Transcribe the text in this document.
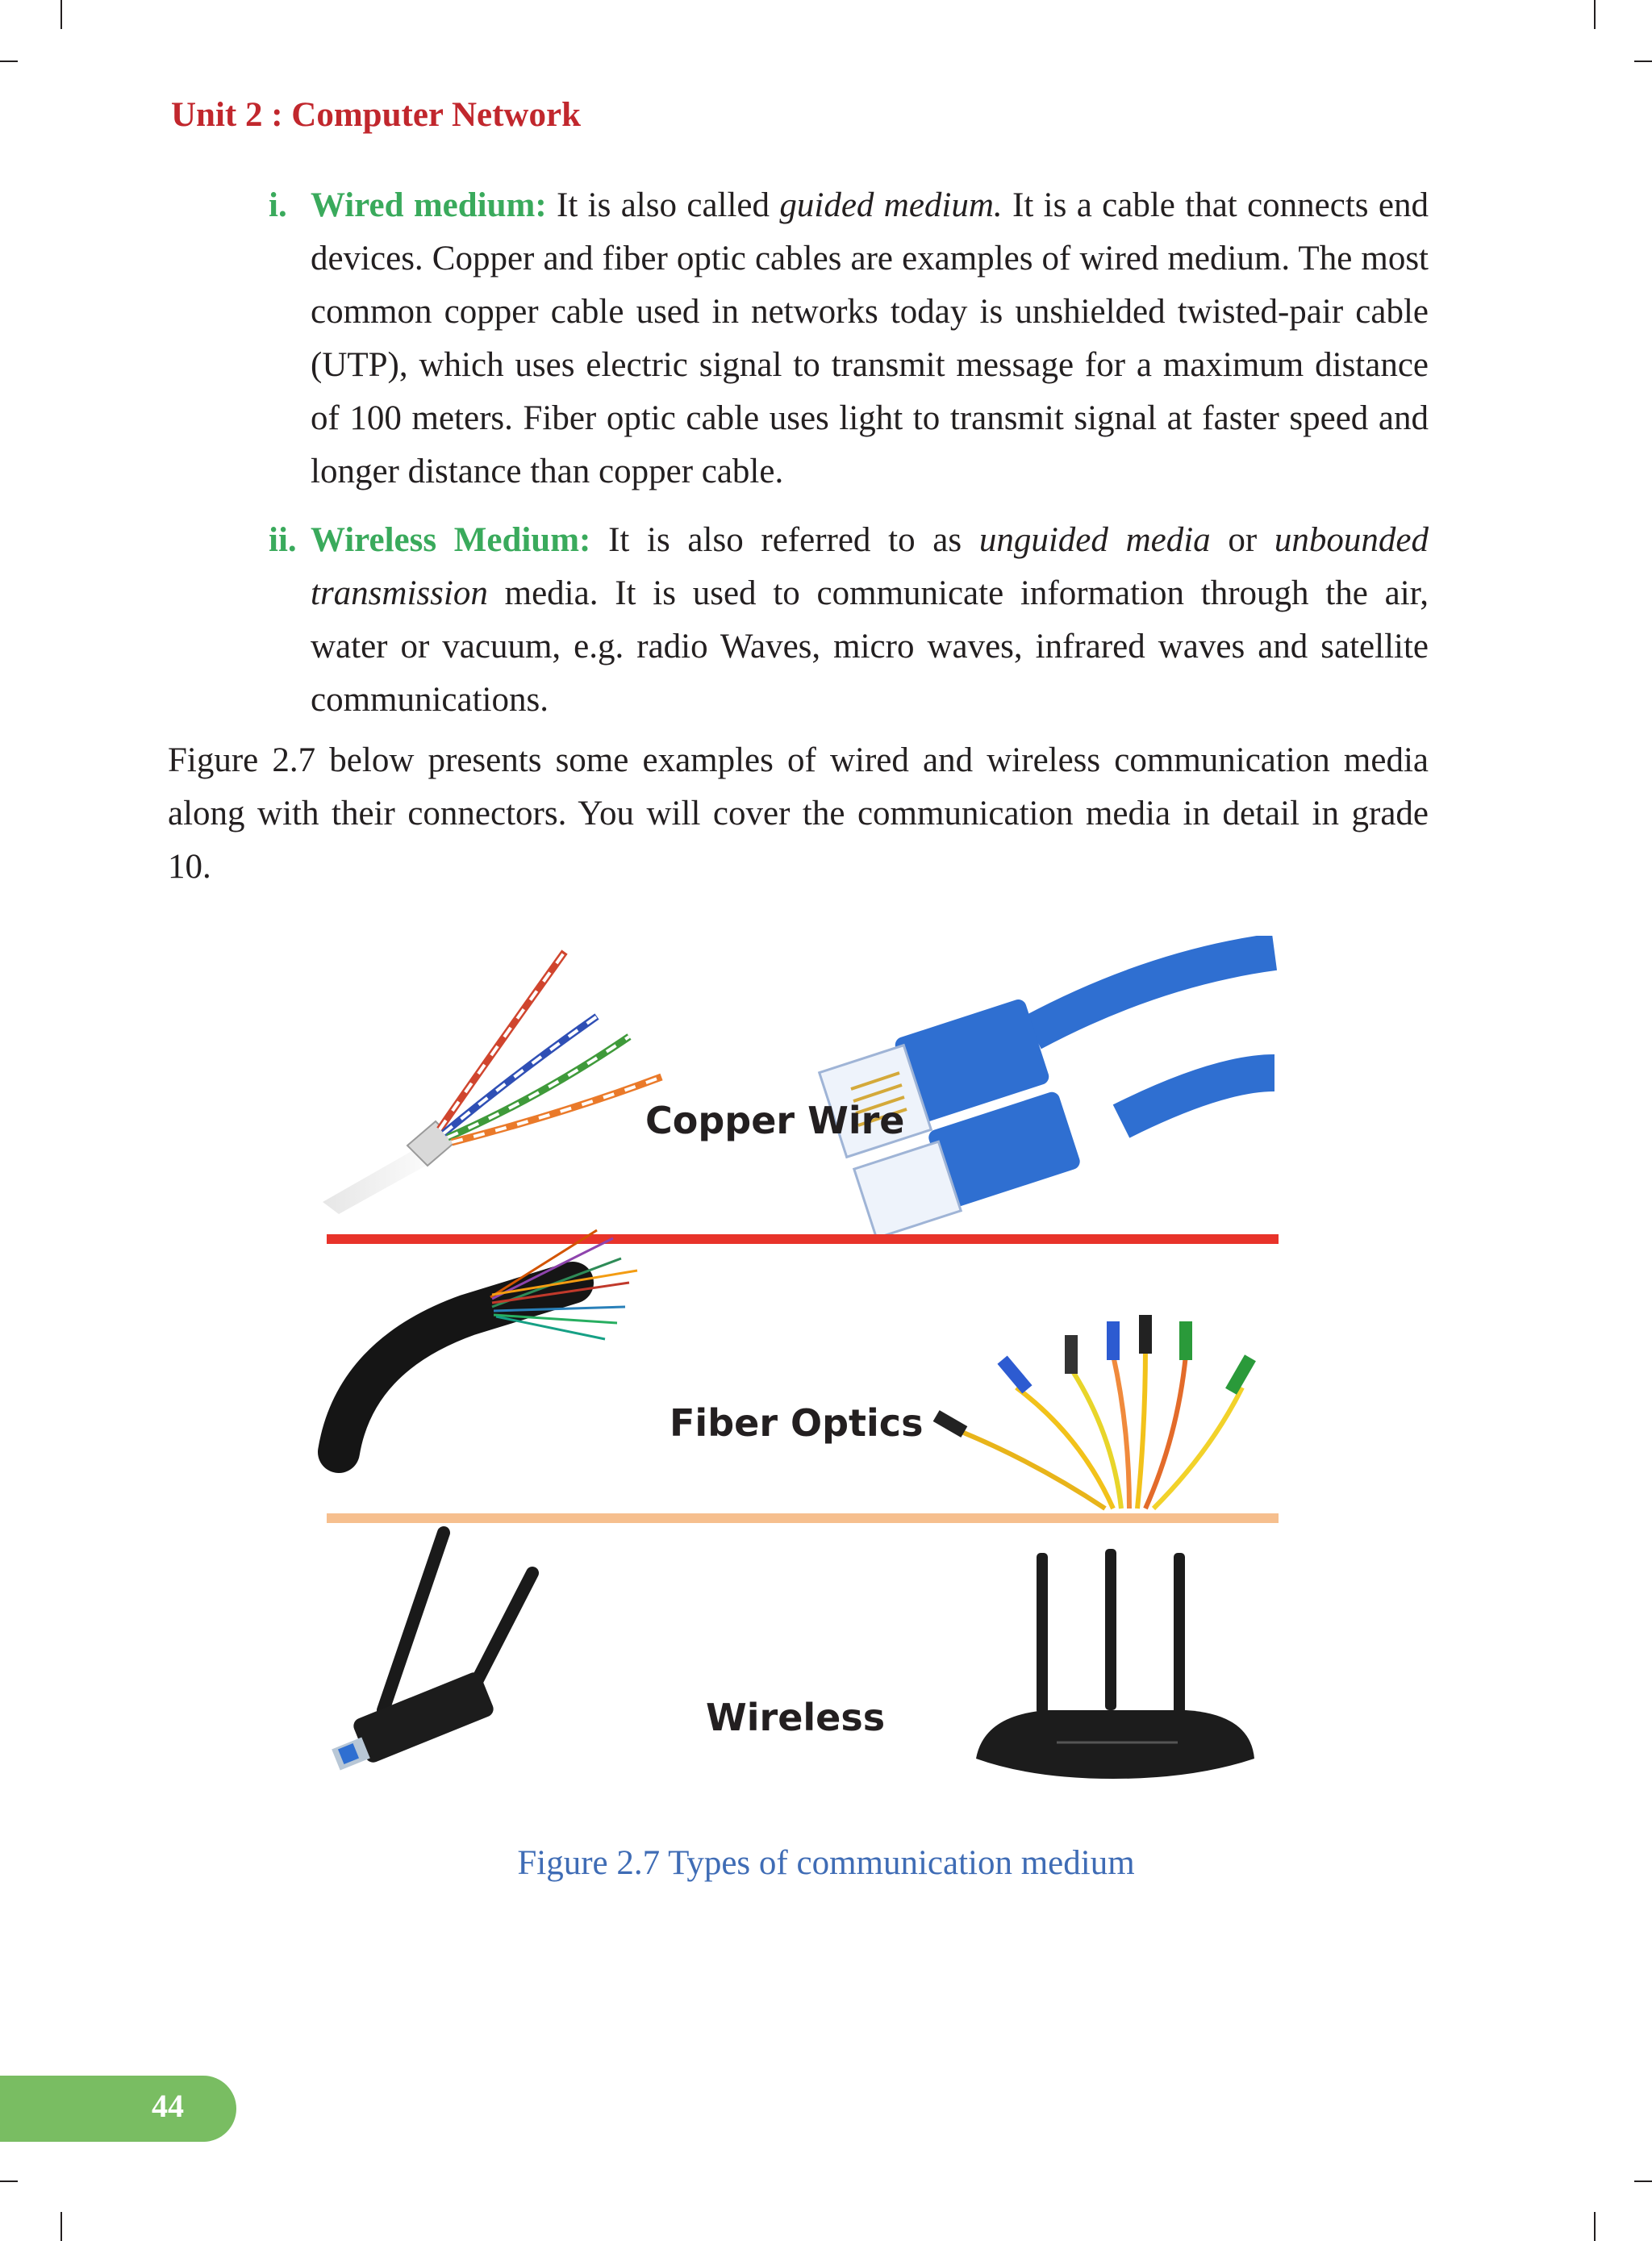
Unit 2 : Computer Network
i. Wired medium: It is also called guided medium. It is a cable that connects end devices. Copper and fiber optic cables are examples of wired medium. The most common copper cable used in networks today is unshielded twisted-pair cable (UTP), which uses electric signal to transmit message for a maximum distance of 100 meters. Fiber optic cable uses light to transmit signal at faster speed and longer distance than copper cable.
ii. Wireless Medium: It is also referred to as unguided media or unbounded transmission media. It is used to communicate information through the air, water or vacuum, e.g. radio Waves, micro waves, infrared waves and satellite communications.
Figure 2.7 below presents some examples of wired and wireless communication media along with their connectors. You will cover the communication media in detail in grade 10.
Copper Wire
Fiber Optics
Wireless
Figure 2.7 Types of communication medium
44
